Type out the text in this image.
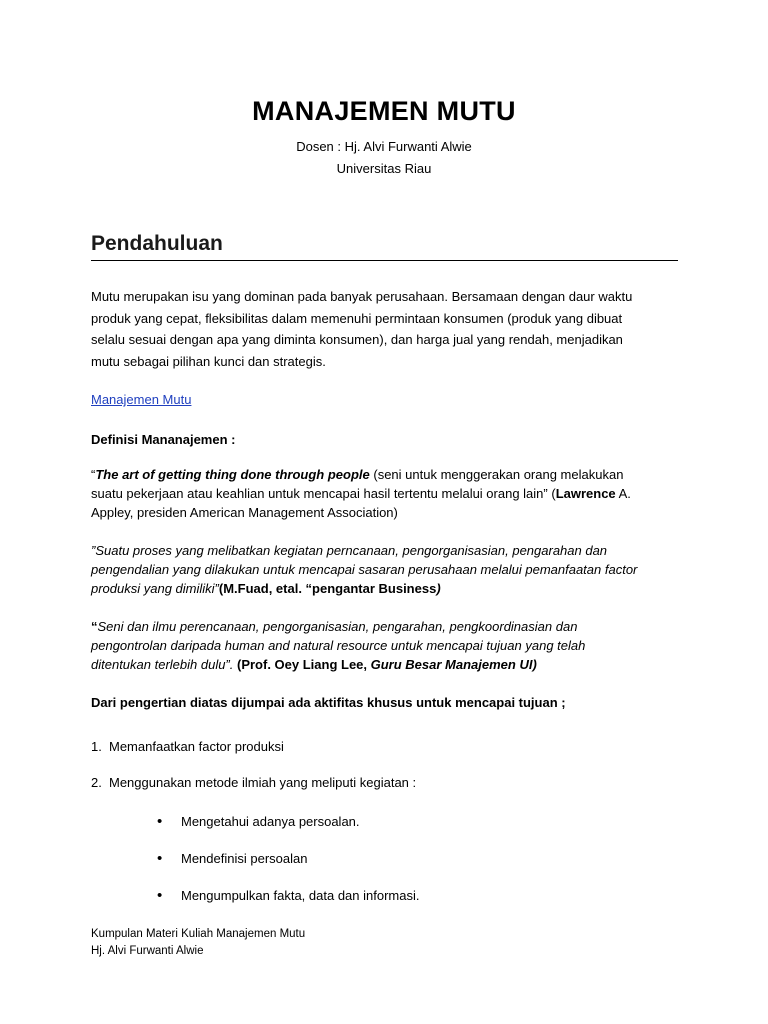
MANAJEMEN MUTU
Dosen : Hj. Alvi Furwanti Alwie
Universitas Riau
Pendahuluan
Mutu merupakan isu yang dominan pada banyak perusahaan. Bersamaan dengan daur waktu
produk yang cepat, fleksibilitas dalam memenuhi permintaan konsumen (produk yang dibuat
selalu sesuai dengan apa yang diminta konsumen), dan harga jual yang rendah, menjadikan
mutu sebagai pilihan kunci dan strategis.
Manajemen Mutu
Definisi Mananajemen :
“The art of getting thing done through people (seni untuk menggerakan orang melakukan
suatu pekerjaan atau keahlian untuk mencapai hasil tertentu melalui orang lain” (Lawrence A.
Appley, presiden American Management Association)
”Suatu proses yang melibatkan kegiatan perncanaan, pengorganisasian, pengarahan dan
pengendalian yang dilakukan untuk mencapai sasaran perusahaan melalui pemanfaatan factor
produksi yang dimiliki”(M.Fuad, etal. “pengantar Business)
“Seni dan ilmu perencanaan, pengorganisasian, pengarahan, pengkoordinasian dan
pengontrolan daripada human and natural resource untuk mencapai tujuan yang telah
ditentukan terlebih dulu”. (Prof. Oey Liang Lee, Guru Besar Manajemen UI)
Dari pengertian diatas dijumpai ada aktifitas khusus untuk mencapai tujuan ;
1. Memanfaatkan factor produksi
2. Menggunakan metode ilmiah yang meliputi kegiatan :
• Mengetahui adanya persoalan.
• Mendefinisi persoalan
• Mengumpulkan fakta, data dan informasi.
Kumpulan Materi Kuliah Manajemen Mutu
Hj. Alvi Furwanti Alwie
